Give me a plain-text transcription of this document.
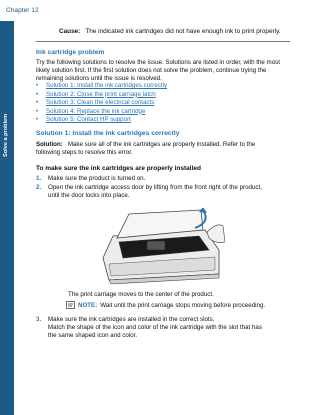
Chapter 12
Solve a problem
Cause: The indicated ink cartridges did not have enough ink to print properly.
Ink cartridge problem
Try the following solutions to resolve the issue. Solutions are listed in order, with the most
likely solution first. If the first solution does not solve the problem, continue trying the
remaining solutions until the issue is resolved.
• Solution 1: Install the ink cartridges correctly
• Solution 2: Close the print carriage latch
• Solution 3: Clean the electrical contacts
• Solution 4: Replace the ink cartridge
• Solution 5: Contact HP support
Solution 1: Install the ink cartridges correctly
Solution: Make sure all of the ink cartridges are properly installed. Refer to the
following steps to resolve this error.
To make sure the ink cartridges are properly installed
1. Make sure the product is turned on.
2. Open the ink cartridge access door by lifting from the front right of the product,
until the door locks into place.
The print carriage moves to the center of the product.
NOTE: Wait until the print carriage stops moving before proceeding.
3. Make sure the ink cartridges are installed in the correct slots.
Match the shape of the icon and color of the ink cartridge with the slot that has
the same shaped icon and color.
